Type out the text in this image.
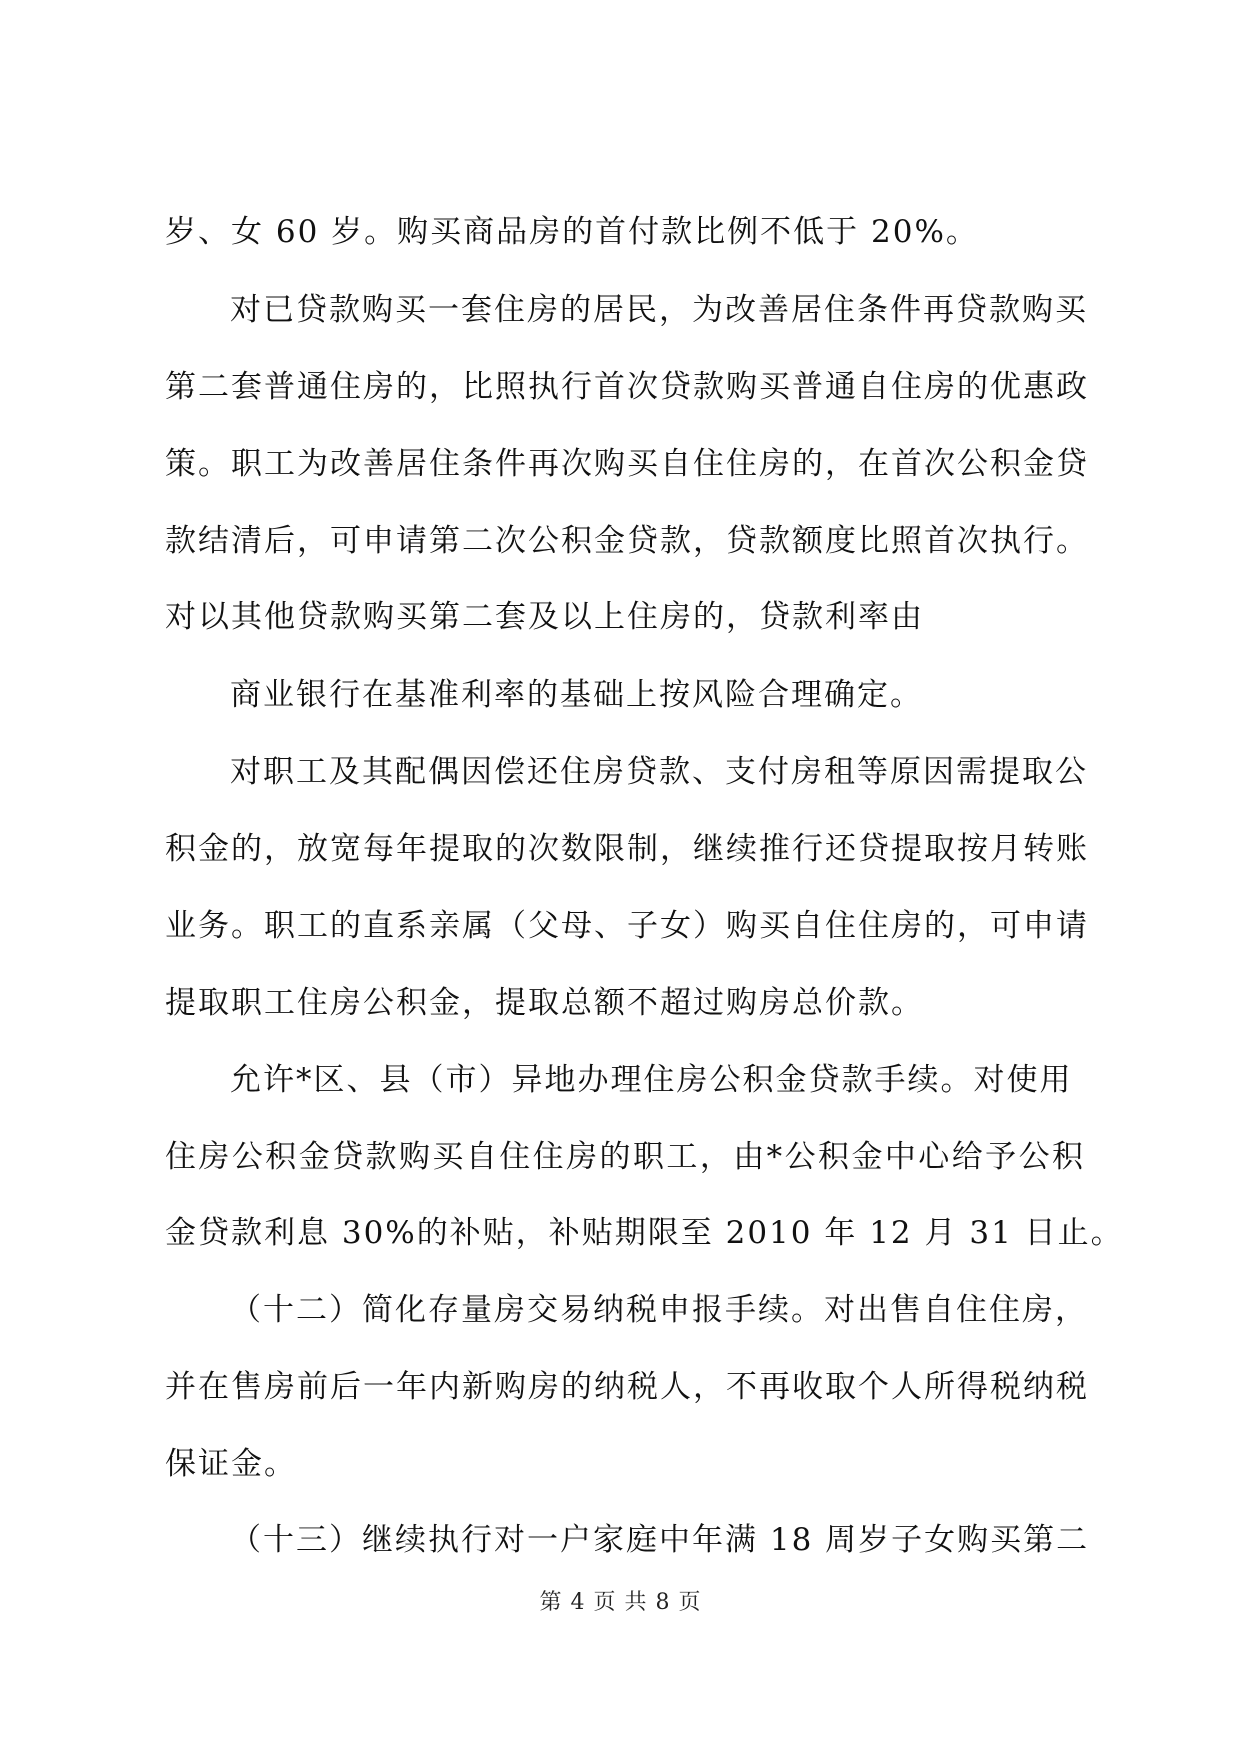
岁、女 60 岁。购买商品房的首付款比例不低于 20%。
对已贷款购买一套住房的居民，为改善居住条件再贷款购买
第二套普通住房的，比照执行首次贷款购买普通自住房的优惠政
策。职工为改善居住条件再次购买自住住房的，在首次公积金贷
款结清后，可申请第二次公积金贷款，贷款额度比照首次执行。
对以其他贷款购买第二套及以上住房的，贷款利率由
商业银行在基准利率的基础上按风险合理确定。
对职工及其配偶因偿还住房贷款、支付房租等原因需提取公
积金的，放宽每年提取的次数限制，继续推行还贷提取按月转账
业务。职工的直系亲属（父母、子女）购买自住住房的，可申请
提取职工住房公积金，提取总额不超过购房总价款。
允许*区、县（市）异地办理住房公积金贷款手续。对使用
住房公积金贷款购买自住住房的职工，由*公积金中心给予公积
金贷款利息 30%的补贴，补贴期限至 2010 年 12 月 31 日止。
（十二）简化存量房交易纳税申报手续。对出售自住住房，
并在售房前后一年内新购房的纳税人，不再收取个人所得税纳税
保证金。
（十三）继续执行对一户家庭中年满 18 周岁子女购买第二
第 4 页 共 8 页
